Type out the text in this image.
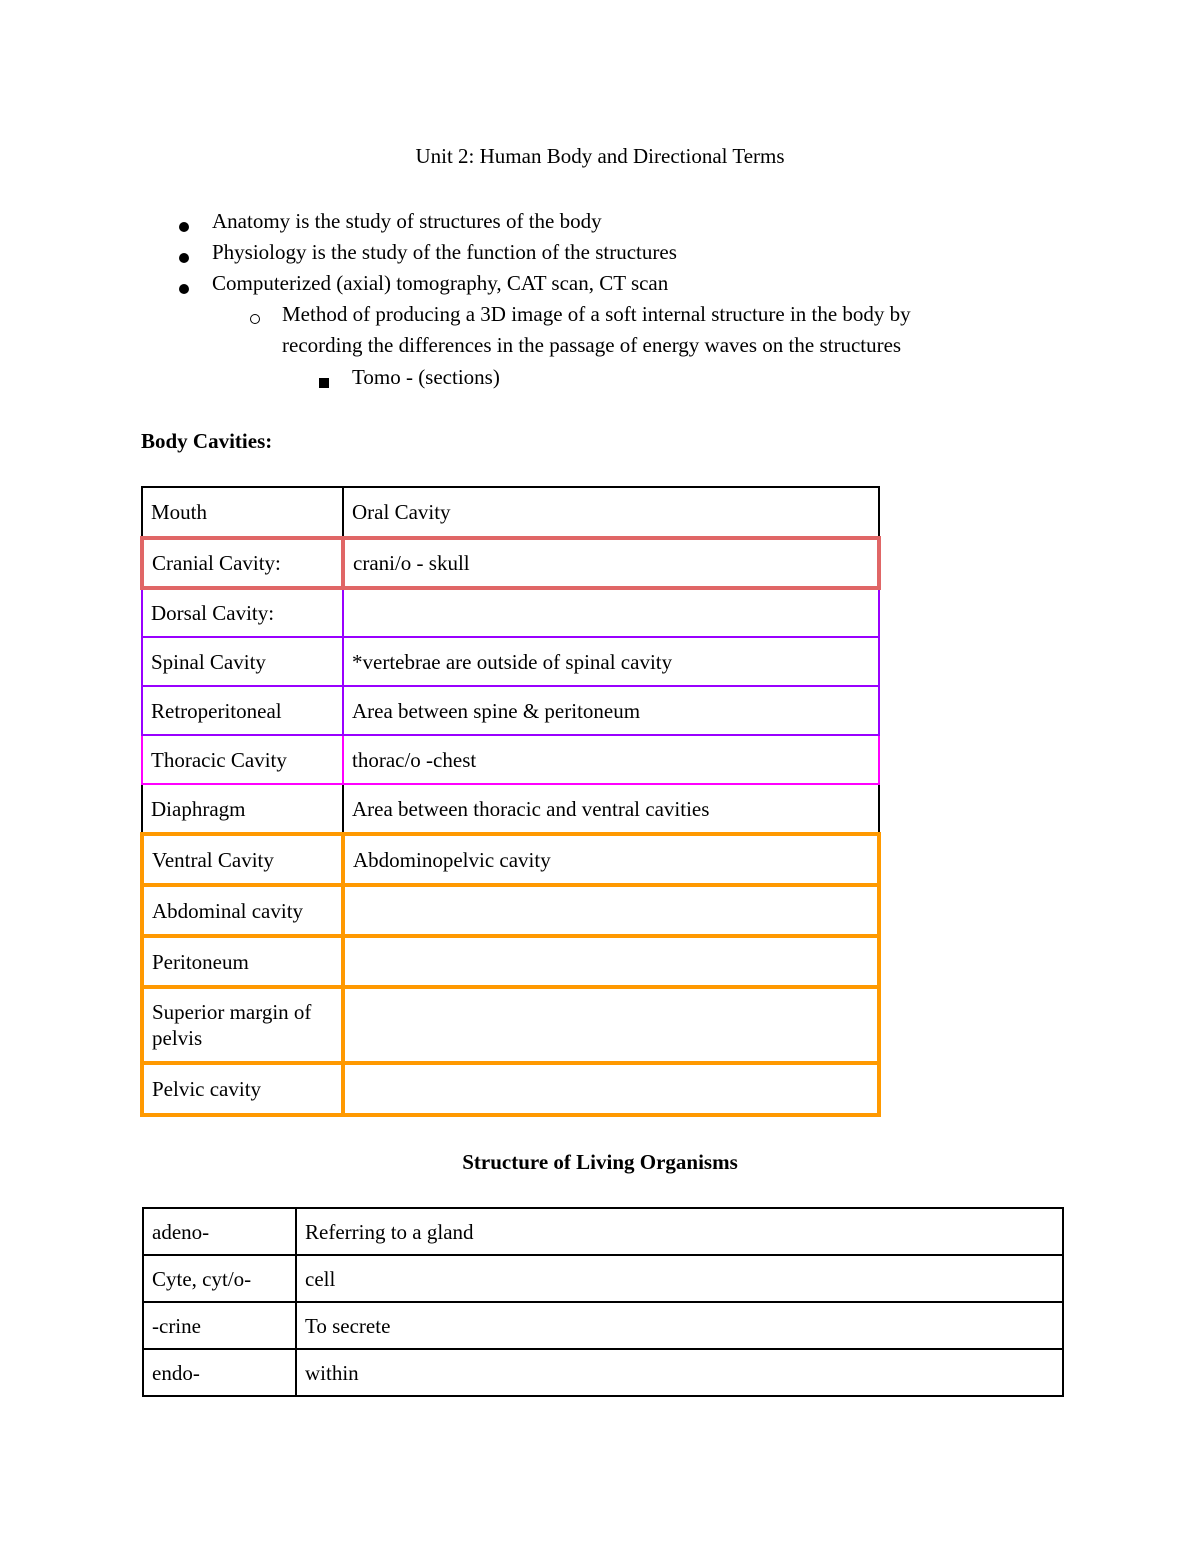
Unit 2: Human Body and Directional Terms
Anatomy is the study of structures of the body
Physiology is the study of the function of the structures
Computerized (axial) tomography, CAT scan, CT scan
Method of producing a 3D image of a soft internal structure in the body by
recording the differences in the passage of energy waves on the structures
Tomo - (sections)
Body Cavities:
Mouth	Oral Cavity
Cranial Cavity:	crani/o - skull
Dorsal Cavity:	
Spinal Cavity	*vertebrae are outside of spinal cavity
Retroperitoneal	Area between spine & peritoneum
Thoracic Cavity	thorac/o -chest
Diaphragm	Area between thoracic and ventral cavities
Ventral Cavity	Abdominopelvic cavity
Abdominal cavity	
Peritoneum	
Superior margin of pelvis	
Pelvic cavity	
Structure of Living Organisms
adeno-	Referring to a gland
Cyte, cyt/o-	cell
-crine	To secrete
endo-	within
